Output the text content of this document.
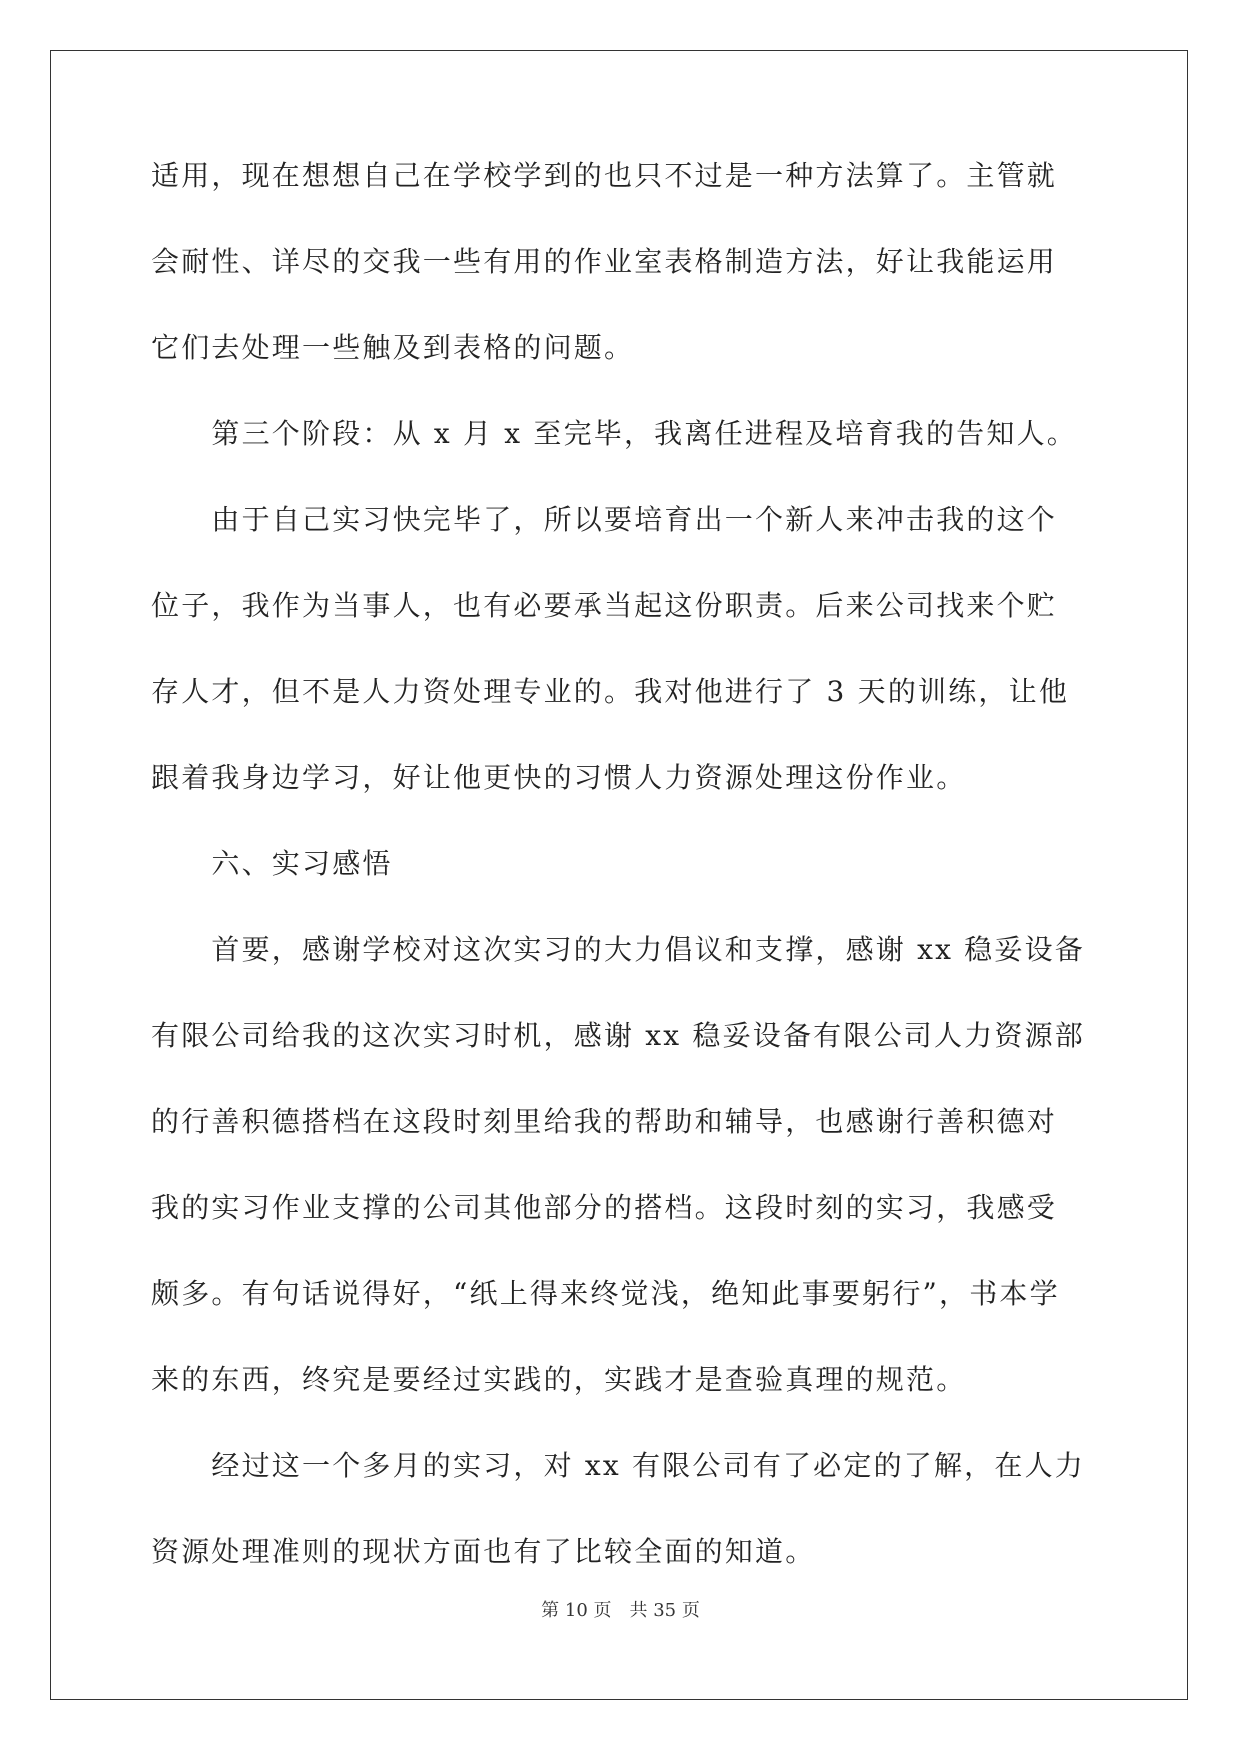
适用，现在想想自己在学校学到的也只不过是一种方法算了。主管就
会耐性、详尽的交我一些有用的作业室表格制造方法，好让我能运用
它们去处理一些触及到表格的问题。
　　第三个阶段：从 x 月 x 至完毕，我离任进程及培育我的告知人。
　　由于自己实习快完毕了，所以要培育出一个新人来冲击我的这个
位子，我作为当事人，也有必要承当起这份职责。后来公司找来个贮
存人才，但不是人力资处理专业的。我对他进行了 3 天的训练，让他
跟着我身边学习，好让他更快的习惯人力资源处理这份作业。
　　六、实习感悟
　　首要，感谢学校对这次实习的大力倡议和支撑，感谢 xx 稳妥设备
有限公司给我的这次实习时机，感谢 xx 稳妥设备有限公司人力资源部
的行善积德搭档在这段时刻里给我的帮助和辅导，也感谢行善积德对
我的实习作业支撑的公司其他部分的搭档。这段时刻的实习，我感受
颇多。有句话说得好，“纸上得来终觉浅，绝知此事要躬行”，书本学
来的东西，终究是要经过实践的，实践才是查验真理的规范。
　　经过这一个多月的实习，对 xx 有限公司有了必定的了解，在人力
资源处理准则的现状方面也有了比较全面的知道。
第 10 页 共 35 页
